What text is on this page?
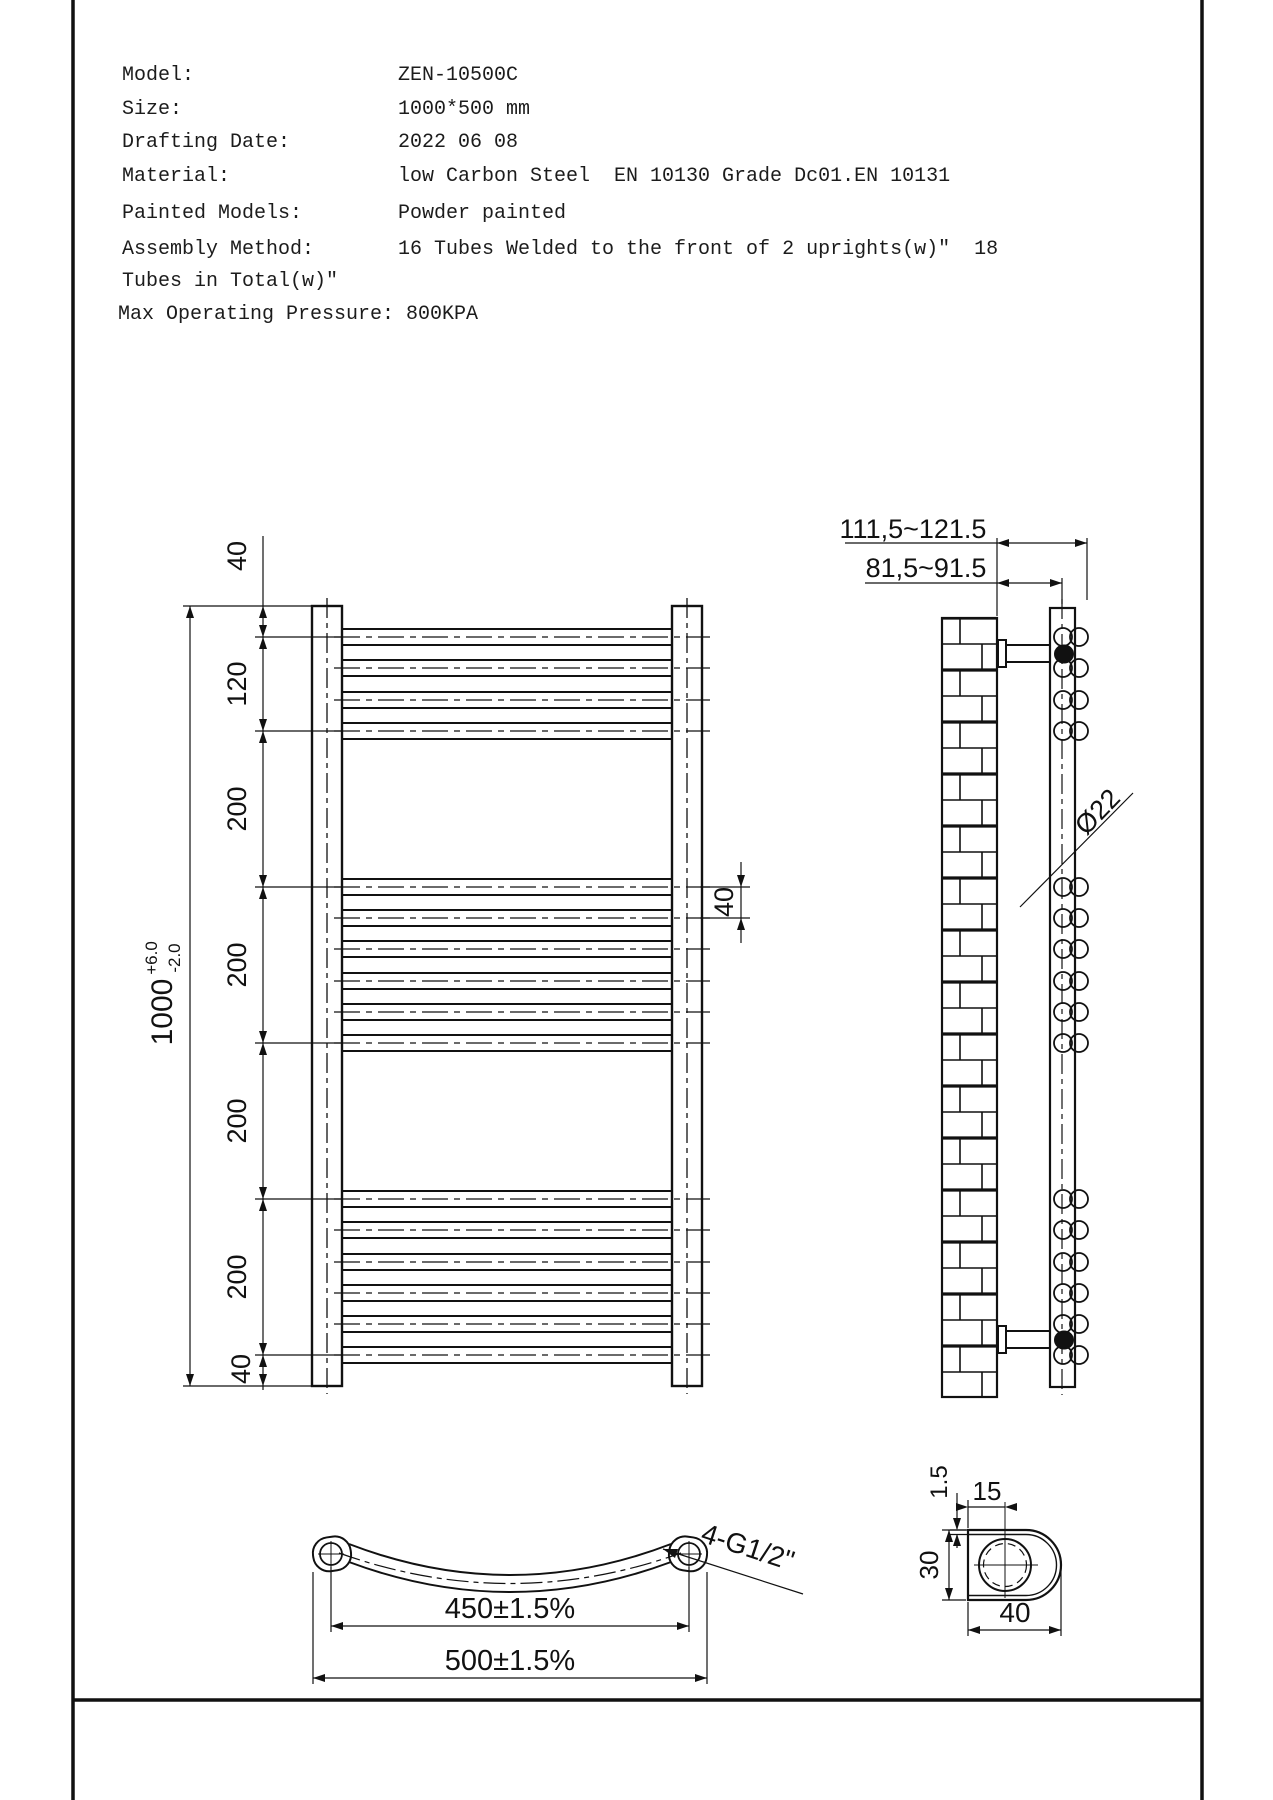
1000
+6.0 -2.0
40
120
200
200
200
200
40
40
111,5~121.5
81,5~91.5
Ø22
450±1.5%
500±1.5%
4-G1/2"
1.5 15
30
40
Model:	ZEN-10500C
Size:	1000*500 mm
Drafting Date:	2022 06 08
Material:	low Carbon Steel  EN 10130 Grade Dc01.EN 10131
Painted Models:	Powder painted
Assembly Method:	16 Tubes Welded to the front of 2 uprights(w)"  18
Tubes in Total(w)"
Max Operating Pressure: 800KPA
